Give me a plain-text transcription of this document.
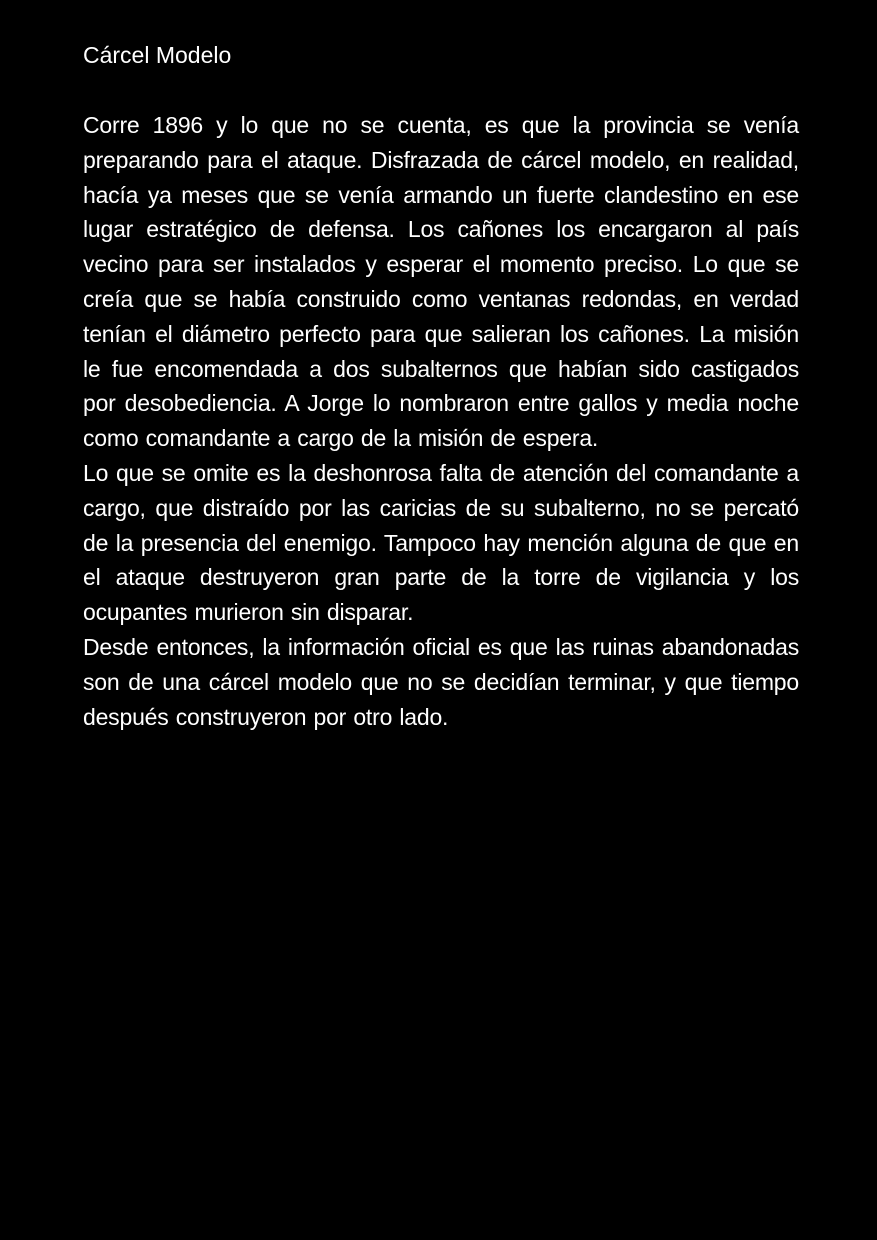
Cárcel Modelo

Corre 1896 y lo que no se cuenta, es que la provincia se venía preparando para el ataque. Disfrazada de cárcel modelo, en realidad, hacía ya meses que se venía armando un fuerte clandestino en ese lugar estratégico de defensa. Los cañones los encargaron al país vecino para ser instalados y esperar el momento preciso. Lo que se creía que se había construido como ventanas redondas, en verdad tenían el diámetro perfecto para que salieran los cañones. La misión le fue encomendada a dos subalternos que habían sido castigados por desobediencia. A Jorge lo nombraron entre gallos y media noche como comandante a cargo de la misión de espera.

Lo que se omite es la deshonrosa falta de atención del comandante a cargo, que distraído por las caricias de su subalterno, no se percató de la presencia del enemigo. Tampoco hay mención alguna de que en el ataque destruyeron gran parte de la torre de vigilancia y los ocupantes murieron sin disparar.

Desde entonces, la información oficial es que las ruinas abandonadas son de una cárcel modelo que no se decidían terminar, y que tiempo después construyeron por otro lado.
